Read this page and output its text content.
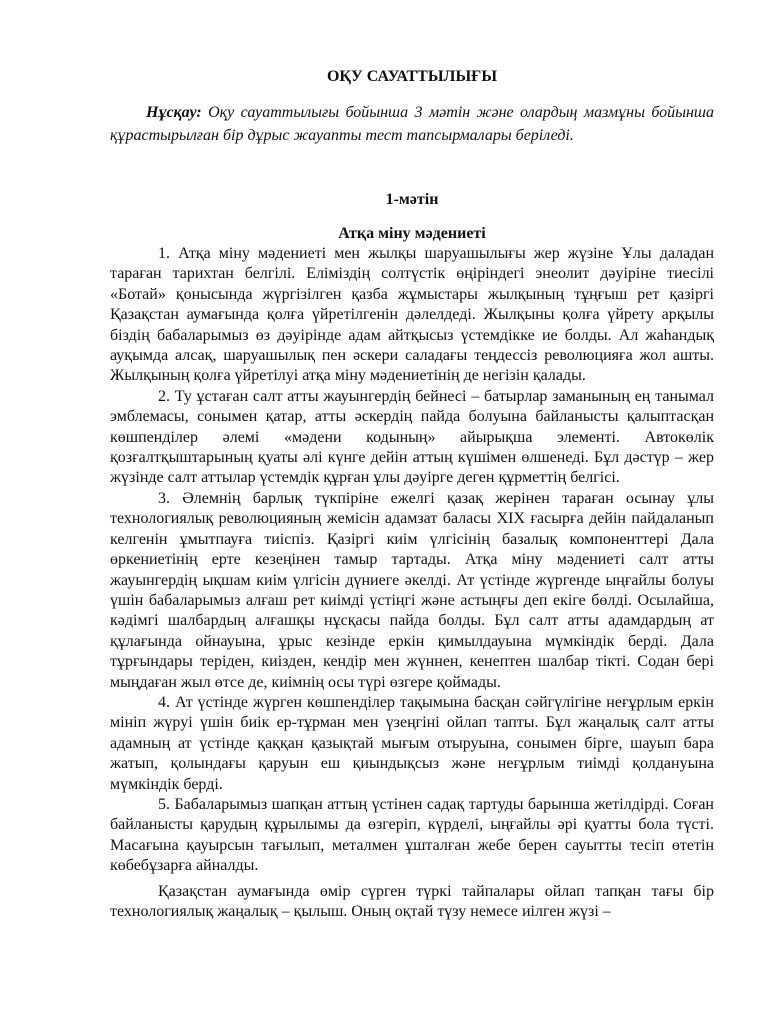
ОҚУ САУАТТЫЛЫҒЫ

Нұсқау: Оқу сауаттылығы бойынша 3 мәтін және олардың мазмұны бойынша құрастырылған бір дұрыс жауапты тест тапсырмалары беріледі.

1-мәтін
Атқа міну мәдениеті

1. Атқа міну мәдениеті мен жылқы шаруашылығы жер жүзіне Ұлы даладан тараған тарихтан белгілі. Еліміздің солтүстік өңіріндегі энеолит дәуіріне тиесілі «Ботай» қонысында жүргізілген қазба жұмыстары жылқының тұңғыш рет қазіргі Қазақстан аумағында қолға үйретілгенін дәлелдеді. Жылқыны қолға үйрету арқылы біздің бабаларымыз өз дәуірінде адам айтқысыз үстемдікке ие болды. Ал жаһандық ауқымда алсақ, шаруашылық пен әскери саладағы теңдессіз революцияға жол ашты. Жылқының қолға үйретілуі атқа міну мәдениетінің де негізін қалады.

2. Ту ұстаған салт атты жауынгердің бейнесі – батырлар заманының ең танымал эмблемасы, сонымен қатар, атты әскердің пайда болуына байланысты қалыптасқан көшпенділер әлемі «мәдени кодының» айырықша элементі. Автокөлік қозғалтқыштарының қуаты әлі күнге дейін аттың күшімен өлшенеді. Бұл дәстүр – жер жүзінде салт аттылар үстемдік құрған ұлы дәуірге деген құрметтің белгісі.

3. Әлемнің барлық түкпіріне ежелгі қазақ жерінен тараған осынау ұлы технологиялық революцияның жемісін адамзат баласы XIX ғасырға дейін пайдаланып келгенін ұмытпауға тиіспіз. Қазіргі киім үлгісінің базалық компоненттері Дала өркениетінің ерте кезеңінен тамыр тартады. Атқа міну мәдениеті салт атты жауынгердің ықшам киім үлгісін дүниеге әкелді. Ат үстінде жүргенде ыңғайлы болуы үшін бабаларымыз алғаш рет киімді үстіңгі және астыңғы деп екіге бөлді. Осылайша, кәдімгі шалбардың алғашқы нұсқасы пайда болды. Бұл салт атты адамдардың ат құлағында ойнауына, ұрыс кезінде еркін қимылдауына мүмкіндік берді. Дала тұрғындары теріден, киізден, кендір мен жүннен, кенептен шалбар тікті. Содан бері мыңдаған жыл өтсе де, киімнің осы түрі өзгере қоймады.

4. Ат үстінде жүрген көшпенділер тақымына басқан сәйгүлігіне неғұрлым еркін мініп жүруі үшін биік ер-тұрман мен үзеңгіні ойлап тапты. Бұл жаңалық салт атты адамның ат үстінде қаққан қазықтай мығым отыруына, сонымен бірге, шауып бара жатып, қолындағы қаруын еш қиындықсыз және неғұрлым тиімді қолдануына мүмкіндік берді.

5. Бабаларымыз шапқан аттың үстінен садақ тартуды барынша жетілдірді. Соған байланысты қарудың құрылымы да өзгеріп, күрделі, ыңғайлы әрі қуатты бола түсті. Масағына қауырсын тағылып, металмен ұшталған жебе берен сауытты тесіп өтетін көбебұзарға айналды.

Қазақстан аумағында өмір сүрген түркі тайпалары ойлап тапқан тағы бір технологиялық жаңалық – қылыш. Оның оқтай түзу немесе иілген жүзі –
